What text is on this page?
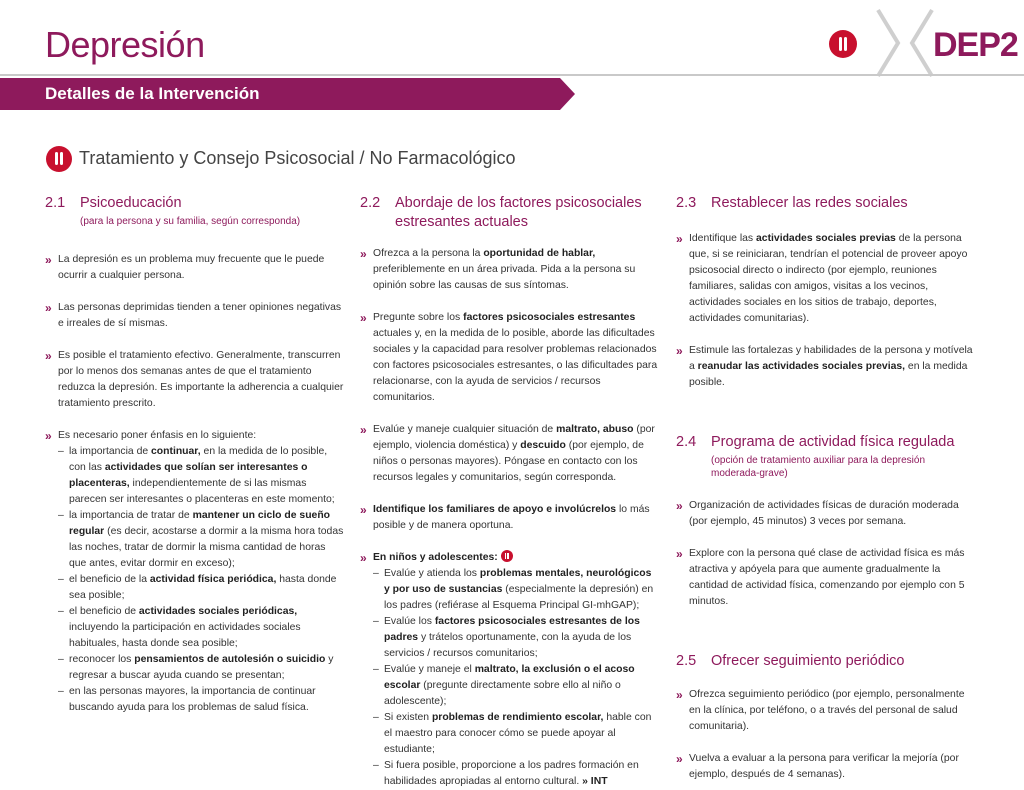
Depresión	DEP2
Detalles de la Intervención
Tratamiento y Consejo Psicosocial / No Farmacológico
2.1	Psicoeducación
(para la persona y su familia, según corresponda)
» La depresión es un problema muy frecuente que le puede ocurrir a cualquier persona.
» Las personas deprimidas tienden a tener opiniones negativas e irreales de sí mismas.
» Es posible el tratamiento efectivo. Generalmente, transcurren por lo menos dos semanas antes de que el tratamiento reduzca la depresión. Es importante la adherencia a cualquier tratamiento prescrito.
» Es necesario poner énfasis en lo siguiente:
– la importancia de continuar, en la medida de lo posible, con las actividades que solían ser interesantes o placenteras, independientemente de si las mismas parecen ser interesantes o placenteras en este momento;
– la importancia de tratar de mantener un ciclo de sueño regular (es decir, acostarse a dormir a la misma hora todas las noches, tratar de dormir la misma cantidad de horas que antes, evitar dormir en exceso);
– el beneficio de la actividad física periódica, hasta donde sea posible;
– el beneficio de actividades sociales periódicas, incluyendo la participación en actividades sociales habituales, hasta donde sea posible;
– reconocer los pensamientos de autolesión o suicidio y regresar a buscar ayuda cuando se presentan;
– en las personas mayores, la importancia de continuar buscando ayuda para los problemas de salud física.
2.2	Abordaje de los factores psicosociales estresantes actuales
» Ofrezca a la persona la oportunidad de hablar, preferiblemente en un área privada. Pida a la persona su opinión sobre las causas de sus síntomas.
» Pregunte sobre los factores psicosociales estresantes actuales y, en la medida de lo posible, aborde las dificultades sociales y la capacidad para resolver problemas relacionados con factores psicosociales estresantes, o las dificultades para relacionarse, con la ayuda de servicios / recursos comunitarios.
» Evalúe y maneje cualquier situación de maltrato, abuso (por ejemplo, violencia doméstica) y descuido (por ejemplo, de niños o personas mayores). Póngase en contacto con los recursos legales y comunitarios, según corresponda.
» Identifique los familiares de apoyo e involúcrelos lo más posible y de manera oportuna.
» En niños y adolescentes:
– Evalúe y atienda los problemas mentales, neurológicos y por uso de sustancias (especialmente la depresión) en los padres (refiérase al Esquema Principal GI-mhGAP);
– Evalúe los factores psicosociales estresantes de los padres y trátelos oportunamente, con la ayuda de los servicios / recursos comunitarios;
– Evalúe y maneje el maltrato, la exclusión o el acoso escolar (pregunte directamente sobre ello al niño o adolescente);
– Si existen problemas de rendimiento escolar, hable con el maestro para conocer cómo se puede apoyar al estudiante;
– Si fuera posible, proporcione a los padres formación en habilidades apropiadas al entorno cultural. » INT
2.3	Restablecer las redes sociales
» Identifique las actividades sociales previas de la persona que, si se reiniciaran, tendrían el potencial de proveer apoyo psicosocial directo o indirecto (por ejemplo, reuniones familiares, salidas con amigos, visitas a los vecinos, actividades sociales en los sitios de trabajo, deportes, actividades comunitarias).
» Estimule las fortalezas y habilidades de la persona y motívela a reanudar las actividades sociales previas, en la medida posible.
2.4	Programa de actividad física regulada
(opción de tratamiento auxiliar para la depresión moderada-grave)
» Organización de actividades físicas de duración moderada (por ejemplo, 45 minutos) 3 veces por semana.
» Explore con la persona qué clase de actividad física es más atractiva y apóyela para que aumente gradualmente la cantidad de actividad física, comenzando por ejemplo con 5 minutos.
2.5	Ofrecer seguimiento periódico
» Ofrezca seguimiento periódico (por ejemplo, personalmente en la clínica, por teléfono, o a través del personal de salud comunitaria).
» Vuelva a evaluar a la persona para verificar la mejoría (por ejemplo, después de 4 semanas).
